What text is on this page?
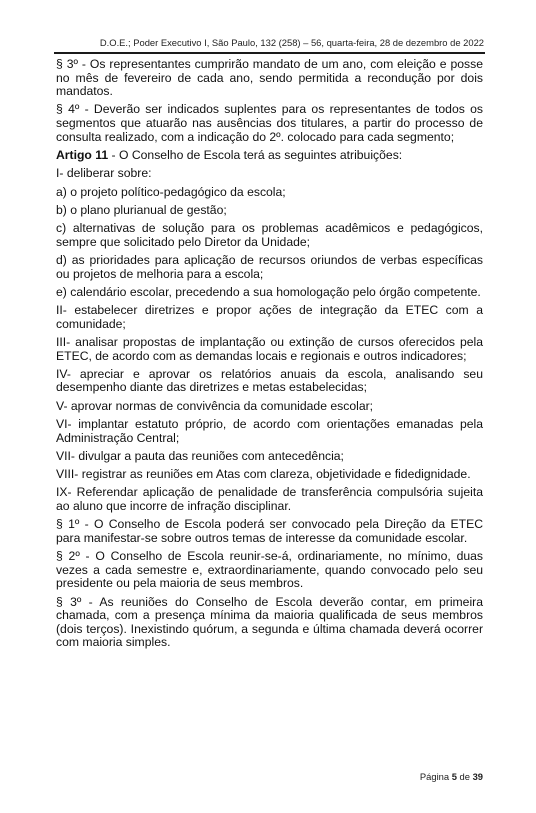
D.O.E.; Poder Executivo I, São Paulo, 132 (258) – 56, quarta-feira, 28 de dezembro de 2022

§ 3º - Os representantes cumprirão mandato de um ano, com eleição e posse no mês de fevereiro de cada ano, sendo permitida a recondução por dois mandatos.

§ 4º - Deverão ser indicados suplentes para os representantes de todos os segmentos que atuarão nas ausências dos titulares, a partir do processo de consulta realizado, com a indicação do 2º. colocado para cada segmento;

Artigo 11 - O Conselho de Escola terá as seguintes atribuições:

I- deliberar sobre:

a) o projeto político-pedagógico da escola;

b) o plano plurianual de gestão;

c) alternativas de solução para os problemas acadêmicos e pedagógicos, sempre que solicitado pelo Diretor da Unidade;

d) as prioridades para aplicação de recursos oriundos de verbas específicas ou projetos de melhoria para a escola;

e) calendário escolar, precedendo a sua homologação pelo órgão competente.

II- estabelecer diretrizes e propor ações de integração da ETEC com a comunidade;

III- analisar propostas de implantação ou extinção de cursos oferecidos pela ETEC, de acordo com as demandas locais e regionais e outros indicadores;

IV- apreciar e aprovar os relatórios anuais da escola, analisando seu desempenho diante das diretrizes e metas estabelecidas;

V- aprovar normas de convivência da comunidade escolar;

VI- implantar estatuto próprio, de acordo com orientações emanadas pela Administração Central;

VII- divulgar a pauta das reuniões com antecedência;

VIII- registrar as reuniões em Atas com clareza, objetividade e fidedignidade.

IX- Referendar aplicação de penalidade de transferência compulsória sujeita ao aluno que incorre de infração disciplinar.

§ 1º - O Conselho de Escola poderá ser convocado pela Direção da ETEC para manifestar-se sobre outros temas de interesse da comunidade escolar.

§ 2º - O Conselho de Escola reunir-se-á, ordinariamente, no mínimo, duas vezes a cada semestre e, extraordinariamente, quando convocado pelo seu presidente ou pela maioria de seus membros.

§ 3º - As reuniões do Conselho de Escola deverão contar, em primeira chamada, com a presença mínima da maioria qualificada de seus membros (dois terços). Inexistindo quórum, a segunda e última chamada deverá ocorrer com maioria simples.

Página 5 de 39
